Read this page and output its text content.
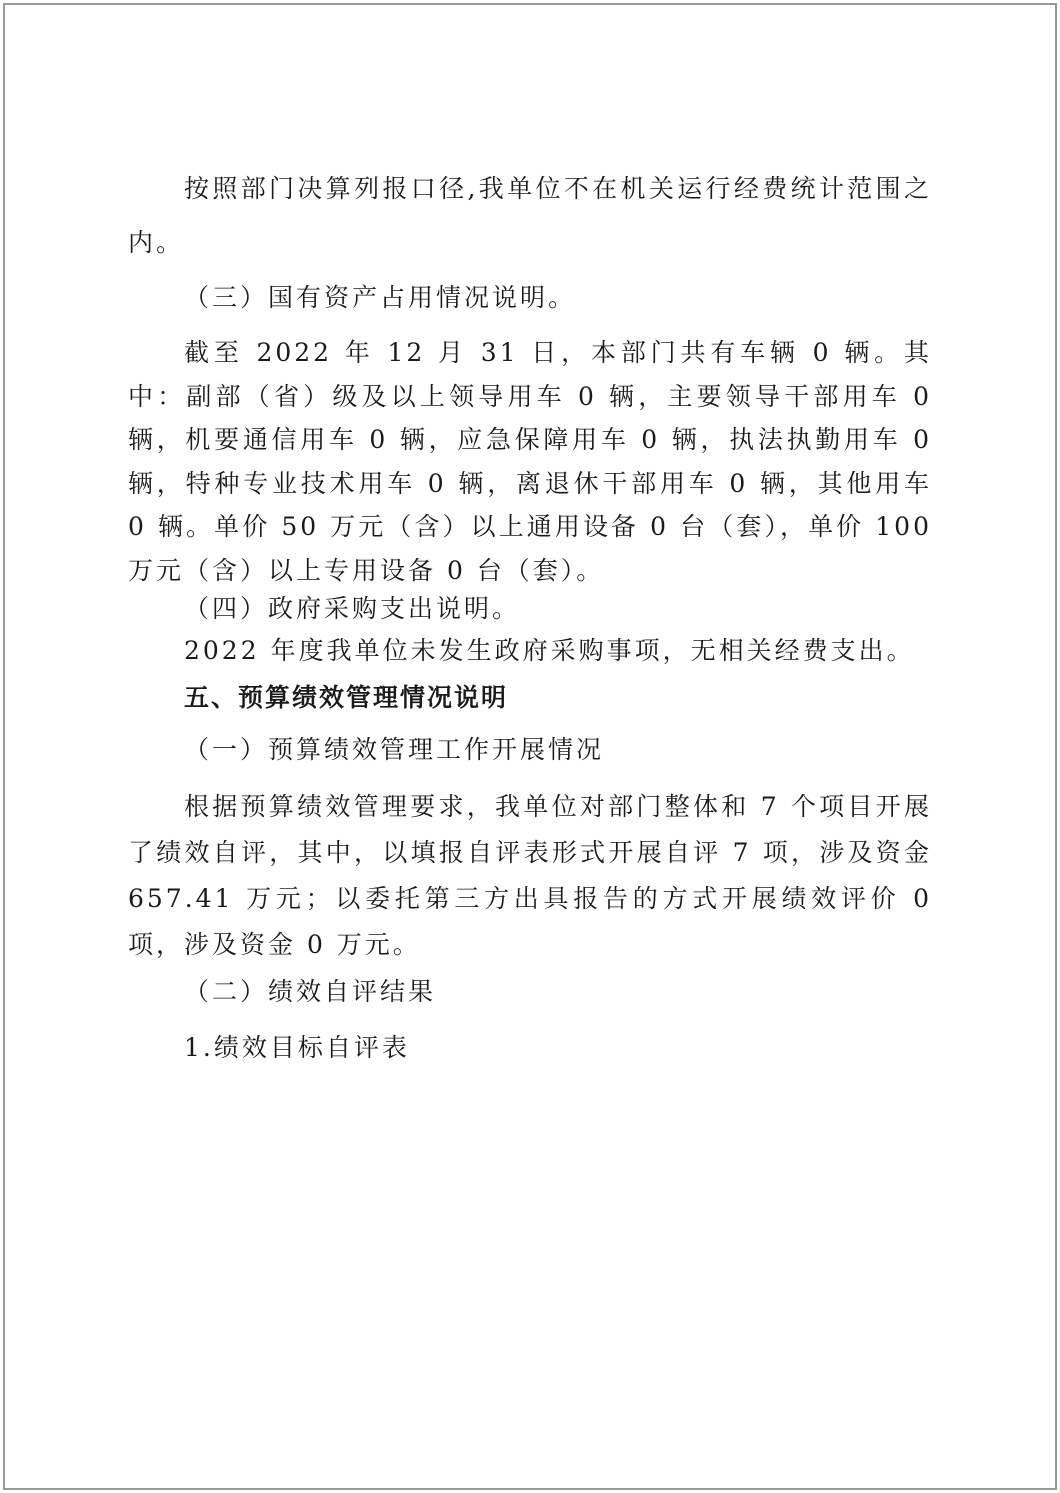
按照部门决算列报口径,我单位不在机关运行经费统计范围之内。

（三）国有资产占用情况说明。

截至 2022 年 12 月 31 日，本部门共有车辆 0 辆。其中：副部（省）级及以上领导用车 0 辆，主要领导干部用车 0 辆，机要通信用车 0 辆，应急保障用车 0 辆，执法执勤用车 0 辆，特种专业技术用车 0 辆，离退休干部用车 0 辆，其他用车 0 辆。单价 50 万元（含）以上通用设备 0 台（套），单价 100 万元（含）以上专用设备 0 台（套）。

（四）政府采购支出说明。

2022 年度我单位未发生政府采购事项，无相关经费支出。

五、预算绩效管理情况说明

（一）预算绩效管理工作开展情况

根据预算绩效管理要求，我单位对部门整体和 7 个项目开展了绩效自评，其中，以填报自评表形式开展自评 7 项，涉及资金 657.41 万元；以委托第三方出具报告的方式开展绩效评价 0 项，涉及资金 0 万元。

（二）绩效自评结果

1.绩效目标自评表
